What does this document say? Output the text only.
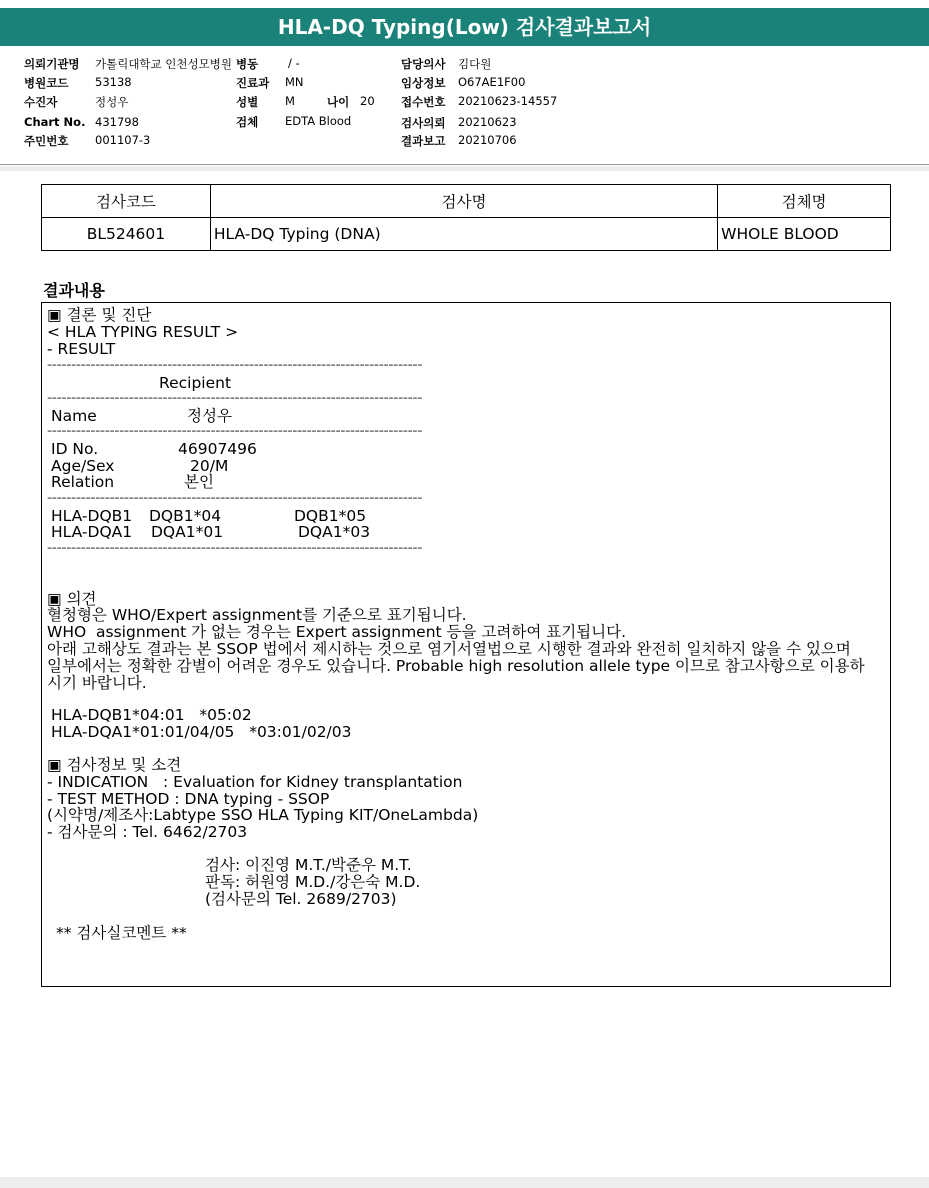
HLA-DQ Typing(Low) 검사결과보고서
의뢰기관명 가톨릭대학교 인천성모병원 병동	/ -	담당의사 김다원
병원코드 53138	진료과 MN	임상정보 O67AE1F00
수진자	정성우	성별 M	나이 20 접수번호 20210623-14557
Chart No. 431798	검체 EDTA Blood	검사의뢰 20210623
주민번호 001107-3	결과보고 20210706
검사코드	검사명	검체명
BL524601	HLA-DQ Typing (DNA)	WHOLE BLOOD
결과내용
▣ 결론 및 진단
< HLA TYPING RESULT >
- RESULT
------------------------------------------------------------------------------
Recipient
------------------------------------------------------------------------------
Name	정성우
------------------------------------------------------------------------------
ID No.	46907496
Age/Sex	20/M
Relation	본인
------------------------------------------------------------------------------
HLA-DQB1 DQB1*04	DQB1*05
HLA-DQA1 DQA1*01	DQA1*03
------------------------------------------------------------------------------
▣ 의견
혈청형은 WHO/Expert assignment를 기준으로 표기됩니다.
WHO  assignment 가 없는 경우는 Expert assignment 등을 고려하여 표기됩니다.
아래 고해상도 결과는 본 SSOP 법에서 제시하는 것으로 염기서열법으로 시행한 결과와 완전히 일치하지 않을 수 있으며
일부에서는 정확한 감별이 어려운 경우도 있습니다. Probable high resolution allele type 이므로 참고사항으로 이용하
시기 바랍니다.
HLA-DQB1*04:01   *05:02
HLA-DQA1*01:01/04/05   *03:01/02/03
▣ 검사정보 및 소견
- INDICATION   : Evaluation for Kidney transplantation
- TEST METHOD : DNA typing - SSOP
(시약명/제조사:Labtype SSO HLA Typing KIT/OneLambda)
- 검사문의 : Tel. 6462/2703
검사: 이진영 M.T./박준우 M.T.
판독: 허원영 M.D./강은숙 M.D.
(검사문의 Tel. 2689/2703)
** 검사실코멘트 **
